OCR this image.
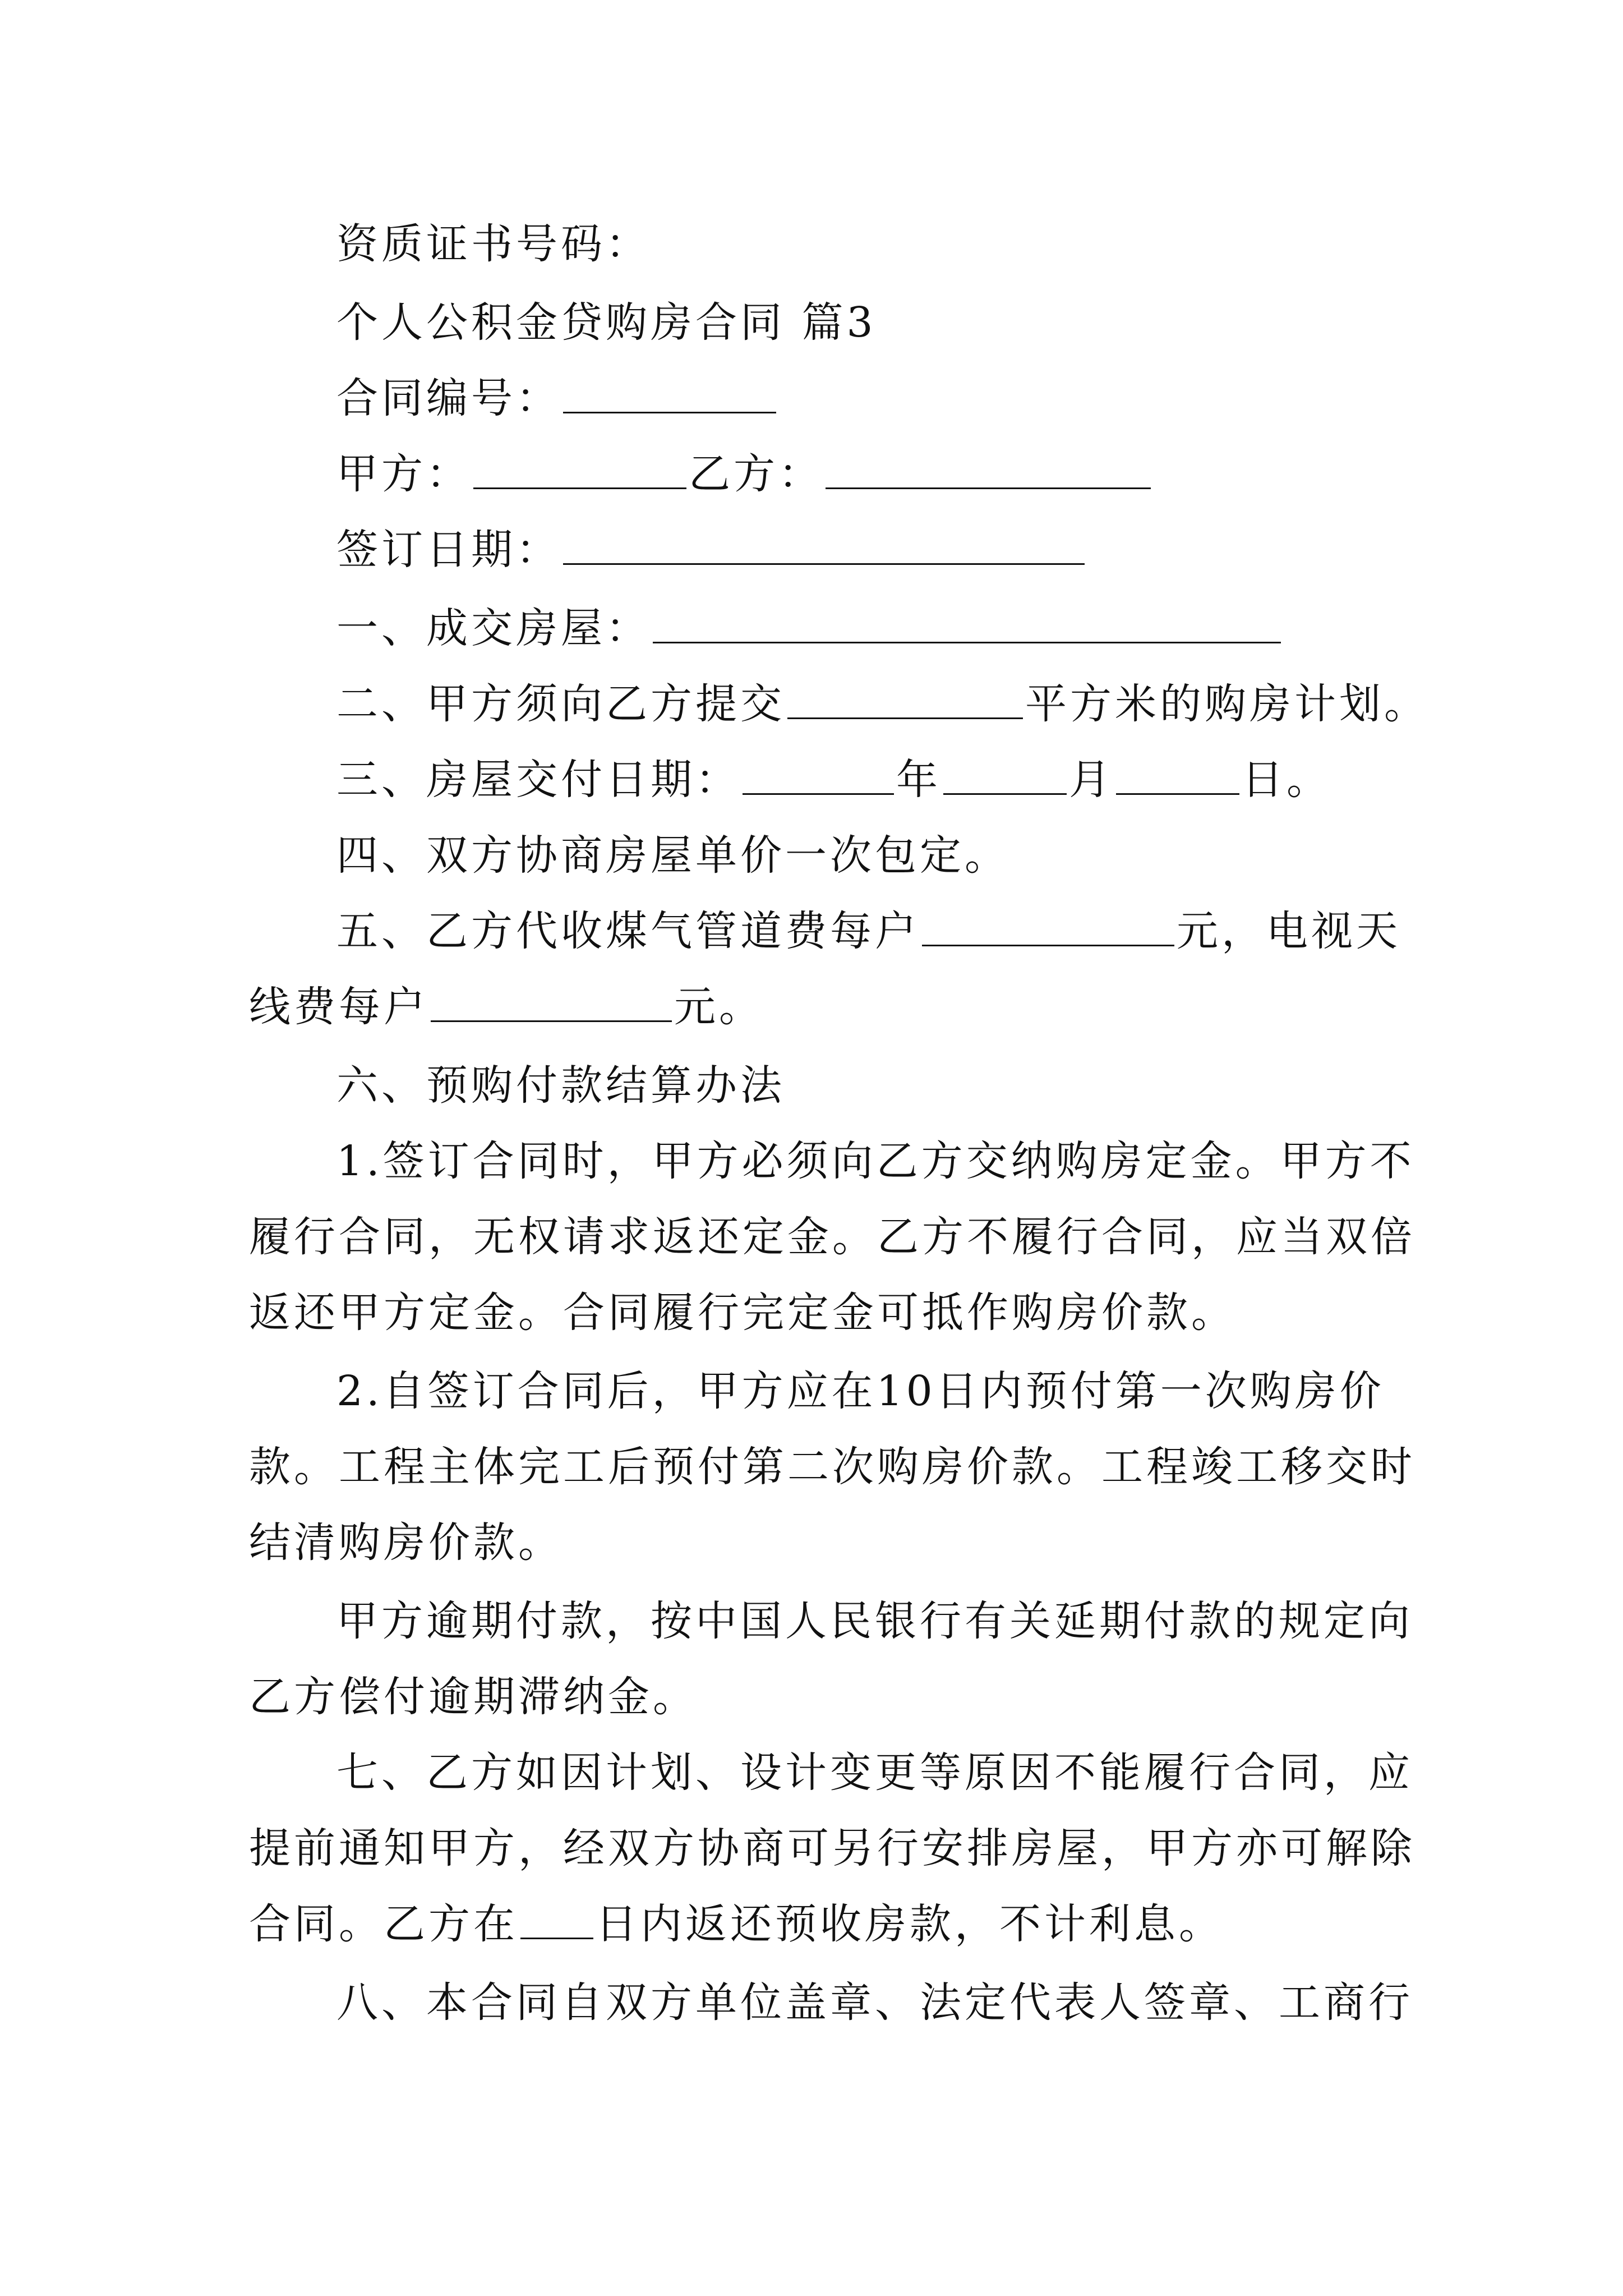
资质证书号码：
个人公积金贷购房合同 篇3
合同编号：
甲方：	乙方：
签订日期：
一、成交房屋：
二、甲方须向乙方提交	平方米的购房计划。
三、房屋交付日期：	年	月	日。
四、双方协商房屋单价一次包定。
五、乙方代收煤气管道费每户	元，电视天
线费每户	元。
六、预购付款结算办法
1.签订合同时，甲方必须向乙方交纳购房定金。甲方不
履行合同，无权请求返还定金。乙方不履行合同，应当双倍
返还甲方定金。合同履行完定金可抵作购房价款。
2.自签订合同后，甲方应在10日内预付第一次购房价
款。工程主体完工后预付第二次购房价款。工程竣工移交时
结清购房价款。
甲方逾期付款，按中国人民银行有关延期付款的规定向
乙方偿付逾期滞纳金。
七、乙方如因计划、设计变更等原因不能履行合同，应
提前通知甲方，经双方协商可另行安排房屋，甲方亦可解除
合同。乙方在 日内返还预收房款，不计利息。
八、本合同自双方单位盖章、法定代表人签章、工商行
